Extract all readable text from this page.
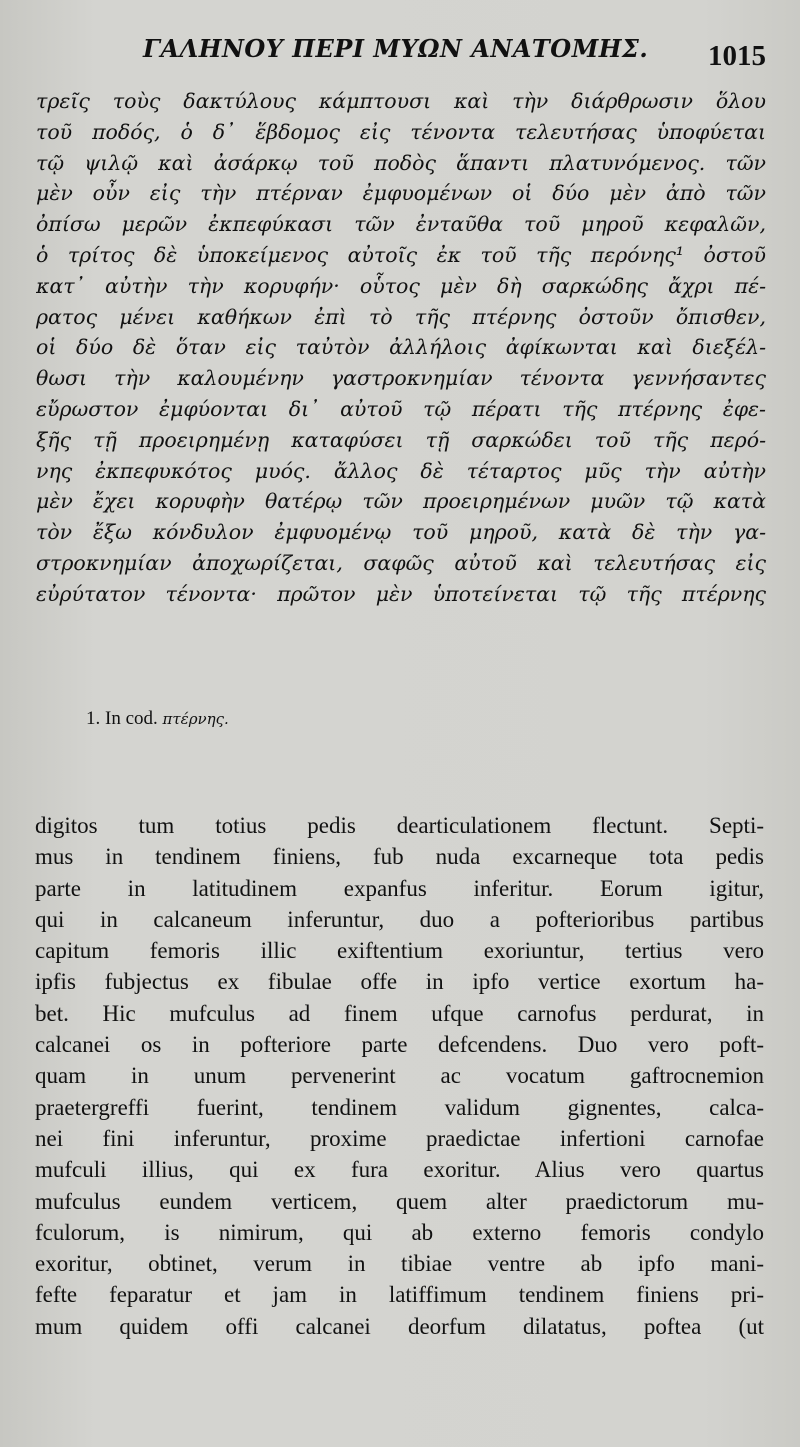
ΓΑΛΗΝΟΥ ΠΕΡΙ ΜΥΩΝ ΑΝΑΤΟΜΗΣ. 1015
τρεῖς τοὺς δακτύλους κάμπτουσι καὶ τὴν διάρθρωσιν ὅλου
τοῦ ποδός, ὁ δ᾽ ἕβδομος εἰς τένοντα τελευτήσας ὑποφύεται
τῷ ψιλῷ καὶ ἀσάρκῳ τοῦ ποδὸς ἅπαντι πλατυνόμενος. τῶν
μὲν οὖν εἰς τὴν πτέρναν ἐμφυομένων οἱ δύο μὲν ἀπὸ τῶν
ὀπίσω μερῶν ἐκπεφύκασι τῶν ἐνταῦθα τοῦ μηροῦ κεφαλῶν,
ὁ τρίτος δὲ ὑποκείμενος αὐτοῖς ἐκ τοῦ τῆς περόνης¹ ὀστοῦ
κατ᾽ αὐτὴν τὴν κορυφήν· οὗτος μὲν δὴ σαρκώδης ἄχρι πέ-
ρατος μένει καθήκων ἐπὶ τὸ τῆς πτέρνης ὀστοῦν ὄπισθεν,
οἱ δύο δὲ ὅταν εἰς ταὐτὸν ἀλλήλοις ἀφίκωνται καὶ διεξέλ-
θωσι τὴν καλουμένην γαστροκνημίαν τένοντα γεννήσαντες
εὔρωστον ἐμφύονται δι᾽ αὐτοῦ τῷ πέρατι τῆς πτέρνης ἐφε-
ξῆς τῇ προειρημένῃ καταφύσει τῇ σαρκώδει τοῦ τῆς περό-
νης ἐκπεφυκότος μυός. ἄλλος δὲ τέταρτος μῦς τὴν αὐτὴν
μὲν ἔχει κορυφὴν θατέρῳ τῶν προειρημένων μυῶν τῷ κατὰ
τὸν ἔξω κόνδυλον ἐμφυομένῳ τοῦ μηροῦ, κατὰ δὲ τὴν γα-
στροκνημίαν ἀποχωρίζεται, σαφῶς αὐτοῦ καὶ τελευτήσας εἰς
εὐρύτατον τένοντα· πρῶτον μὲν ὑποτείνεται τῷ τῆς πτέρνης
1. In cod. πτέρνης.
digitos tum totius pedis dearticulationem flectunt. Septi-
mus in tendinem finiens, fub nuda excarneque tota pedis
parte in latitudinem expanfus inferitur. Eorum igitur,
qui in calcaneum inferuntur, duo a pofterioribus partibus
capitum femoris illic exiftentium exoriuntur, tertius vero
ipfis fubjectus ex fibulae offe in ipfo vertice exortum ha-
bet. Hic mufculus ad finem ufque carnofus perdurat, in
calcanei os in pofteriore parte defcendens. Duo vero poft-
quam in unum pervenerint ac vocatum gaftrocnemion
praetergreffi fuerint, tendinem validum gignentes, calca-
nei fini inferuntur, proxime praedictae infertioni carnofae
mufculi illius, qui ex fura exoritur. Alius vero quartus
mufculus eundem verticem, quem alter praedictorum mu-
fculorum, is nimirum, qui ab externo femoris condylo
exoritur, obtinet, verum in tibiae ventre ab ipfo mani-
fefte feparatur et jam in latiffimum tendinem finiens pri-
mum quidem offi calcanei deorfum dilatatus, poftea (ut
